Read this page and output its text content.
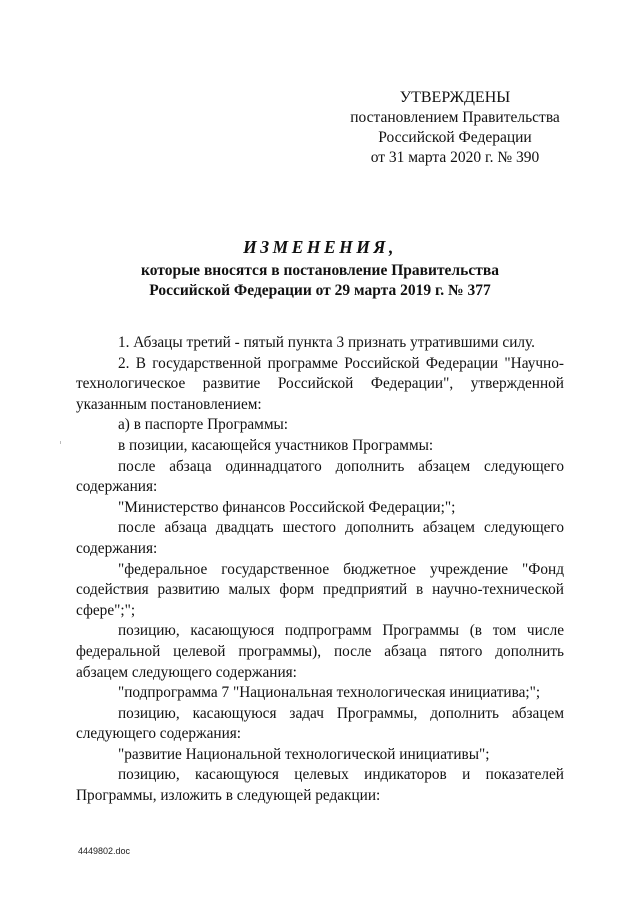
УТВЕРЖДЕНЫ
постановлением Правительства
Российской Федерации
от 31 марта 2020 г. № 390
ИЗМЕНЕНИЯ,
которые вносятся в постановление Правительства
Российской Федерации от 29 марта 2019 г. № 377

1. Абзацы третий - пятый пункта 3 признать утратившими силу.

2. В государственной программе Российской Федерации "Научно-технологическое развитие Российской Федерации", утвержденной указанным постановлением:

а) в паспорте Программы:

в позиции, касающейся участников Программы:

после абзаца одиннадцатого дополнить абзацем следующего содержания:

"Министерство финансов Российской Федерации;";

после абзаца двадцать шестого дополнить абзацем следующего содержания:

"федеральное государственное бюджетное учреждение "Фонд содействия развитию малых форм предприятий в научно-технической сфере";";

позицию, касающуюся подпрограмм Программы (в том числе федеральной целевой программы), после абзаца пятого дополнить абзацем следующего содержания:

"подпрограмма 7 "Национальная технологическая инициатива;";

позицию, касающуюся задач Программы, дополнить абзацем следующего содержания:

"развитие Национальной технологической инициативы";

позицию, касающуюся целевых индикаторов и показателей Программы, изложить в следующей редакции:

4449802.doc
